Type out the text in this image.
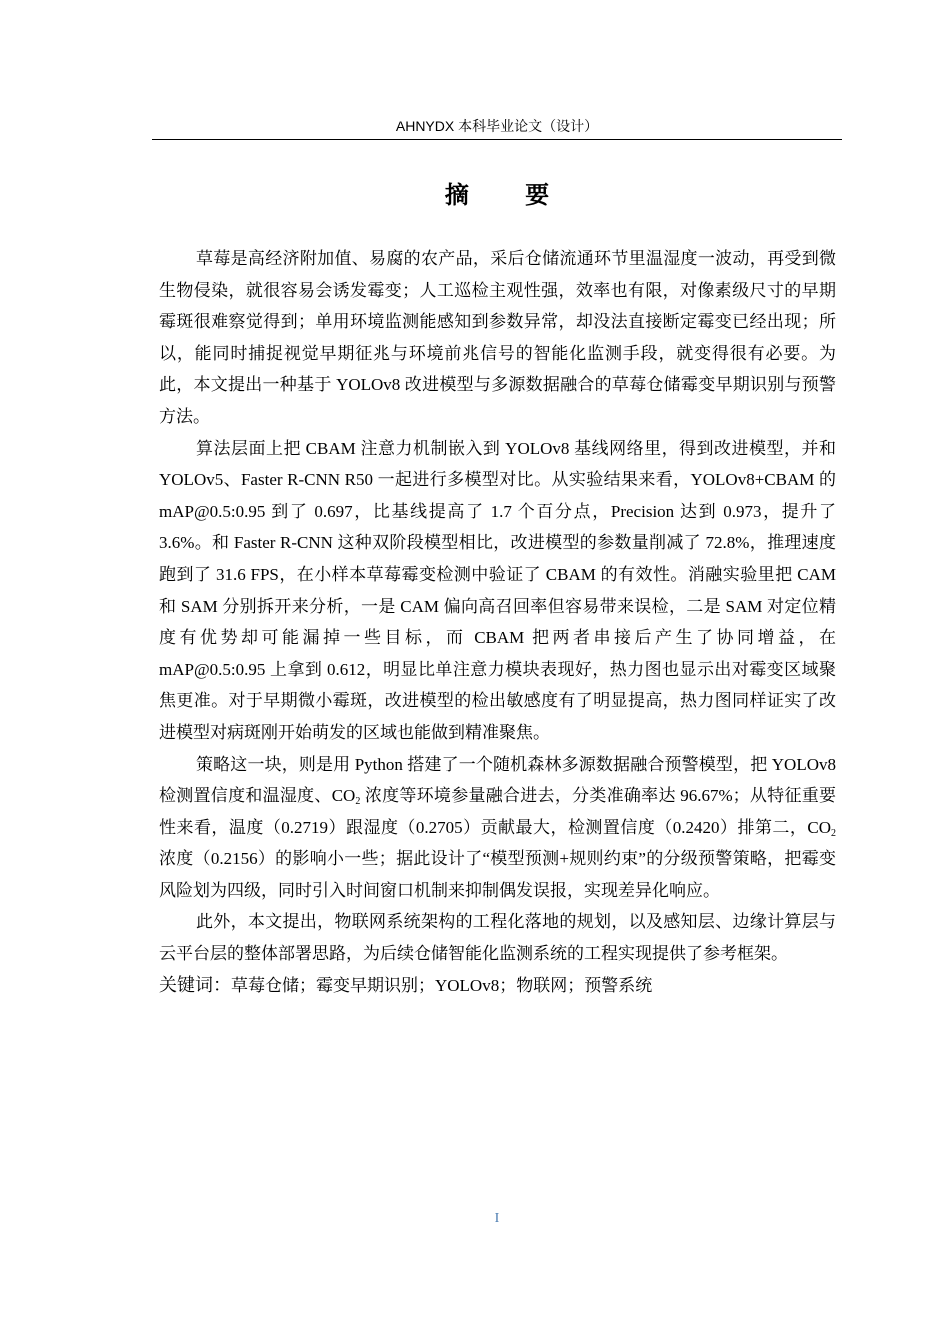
AHNYDX 本科毕业论文（设计）
摘 要

草莓是高经济附加值、易腐的农产品，采后仓储流通环节里温湿度一波动，再受到微生物侵染，就很容易会诱发霉变；人工巡检主观性强，效率也有限，对像素级尺寸的早期霉斑很难察觉得到；单用环境监测能感知到参数异常，却没法直接断定霉变已经出现；所以，能同时捕捉视觉早期征兆与环境前兆信号的智能化监测手段，就变得很有必要。为此，本文提出一种基于 YOLOv8 改进模型与多源数据融合的草莓仓储霉变早期识别与预警方法。

算法层面上把 CBAM 注意力机制嵌入到 YOLOv8 基线网络里，得到改进模型，并和 YOLOv5、Faster R-CNN R50 一起进行多模型对比。从实验结果来看，YOLOv8+CBAM 的 mAP@0.5:0.95 到了 0.697，比基线提高了 1.7 个百分点，Precision 达到 0.973，提升了 3.6%。和 Faster R-CNN 这种双阶段模型相比，改进模型的参数量削减了 72.8%，推理速度跑到了 31.6 FPS，在小样本草莓霉变检测中验证了 CBAM 的有效性。消融实验里把 CAM 和 SAM 分别拆开来分析，一是 CAM 偏向高召回率但容易带来误检，二是 SAM 对定位精度有优势却可能漏掉一些目标，而 CBAM 把两者串接后产生了协同增益，在 mAP@0.5:0.95 上拿到 0.612，明显比单注意力模块表现好，热力图也显示出对霉变区域聚焦更准。对于早期微小霉斑，改进模型的检出敏感度有了明显提高，热力图同样证实了改进模型对病斑刚开始萌发的区域也能做到精准聚焦。

策略这一块，则是用 Python 搭建了一个随机森林多源数据融合预警模型，把 YOLOv8 检测置信度和温湿度、$CO_2$ 浓度等环境参量融合进去，分类准确率达 96.67%；从特征重要性来看，温度（0.2719）跟湿度（0.2705）贡献最大，检测置信度（0.2420）排第二，$CO_2$ 浓度（0.2156）的影响小一些；据此设计了“模型预测+规则约束”的分级预警策略，把霉变风险划为四级，同时引入时间窗口机制来抑制偶发误报，实现差异化响应。

此外，本文提出，物联网系统架构的工程化落地的规划，以及感知层、边缘计算层与云平台层的整体部署思路，为后续仓储智能化监测系统的工程实现提供了参考框架。

关键词：草莓仓储；霉变早期识别；YOLOv8；物联网；预警系统

I
